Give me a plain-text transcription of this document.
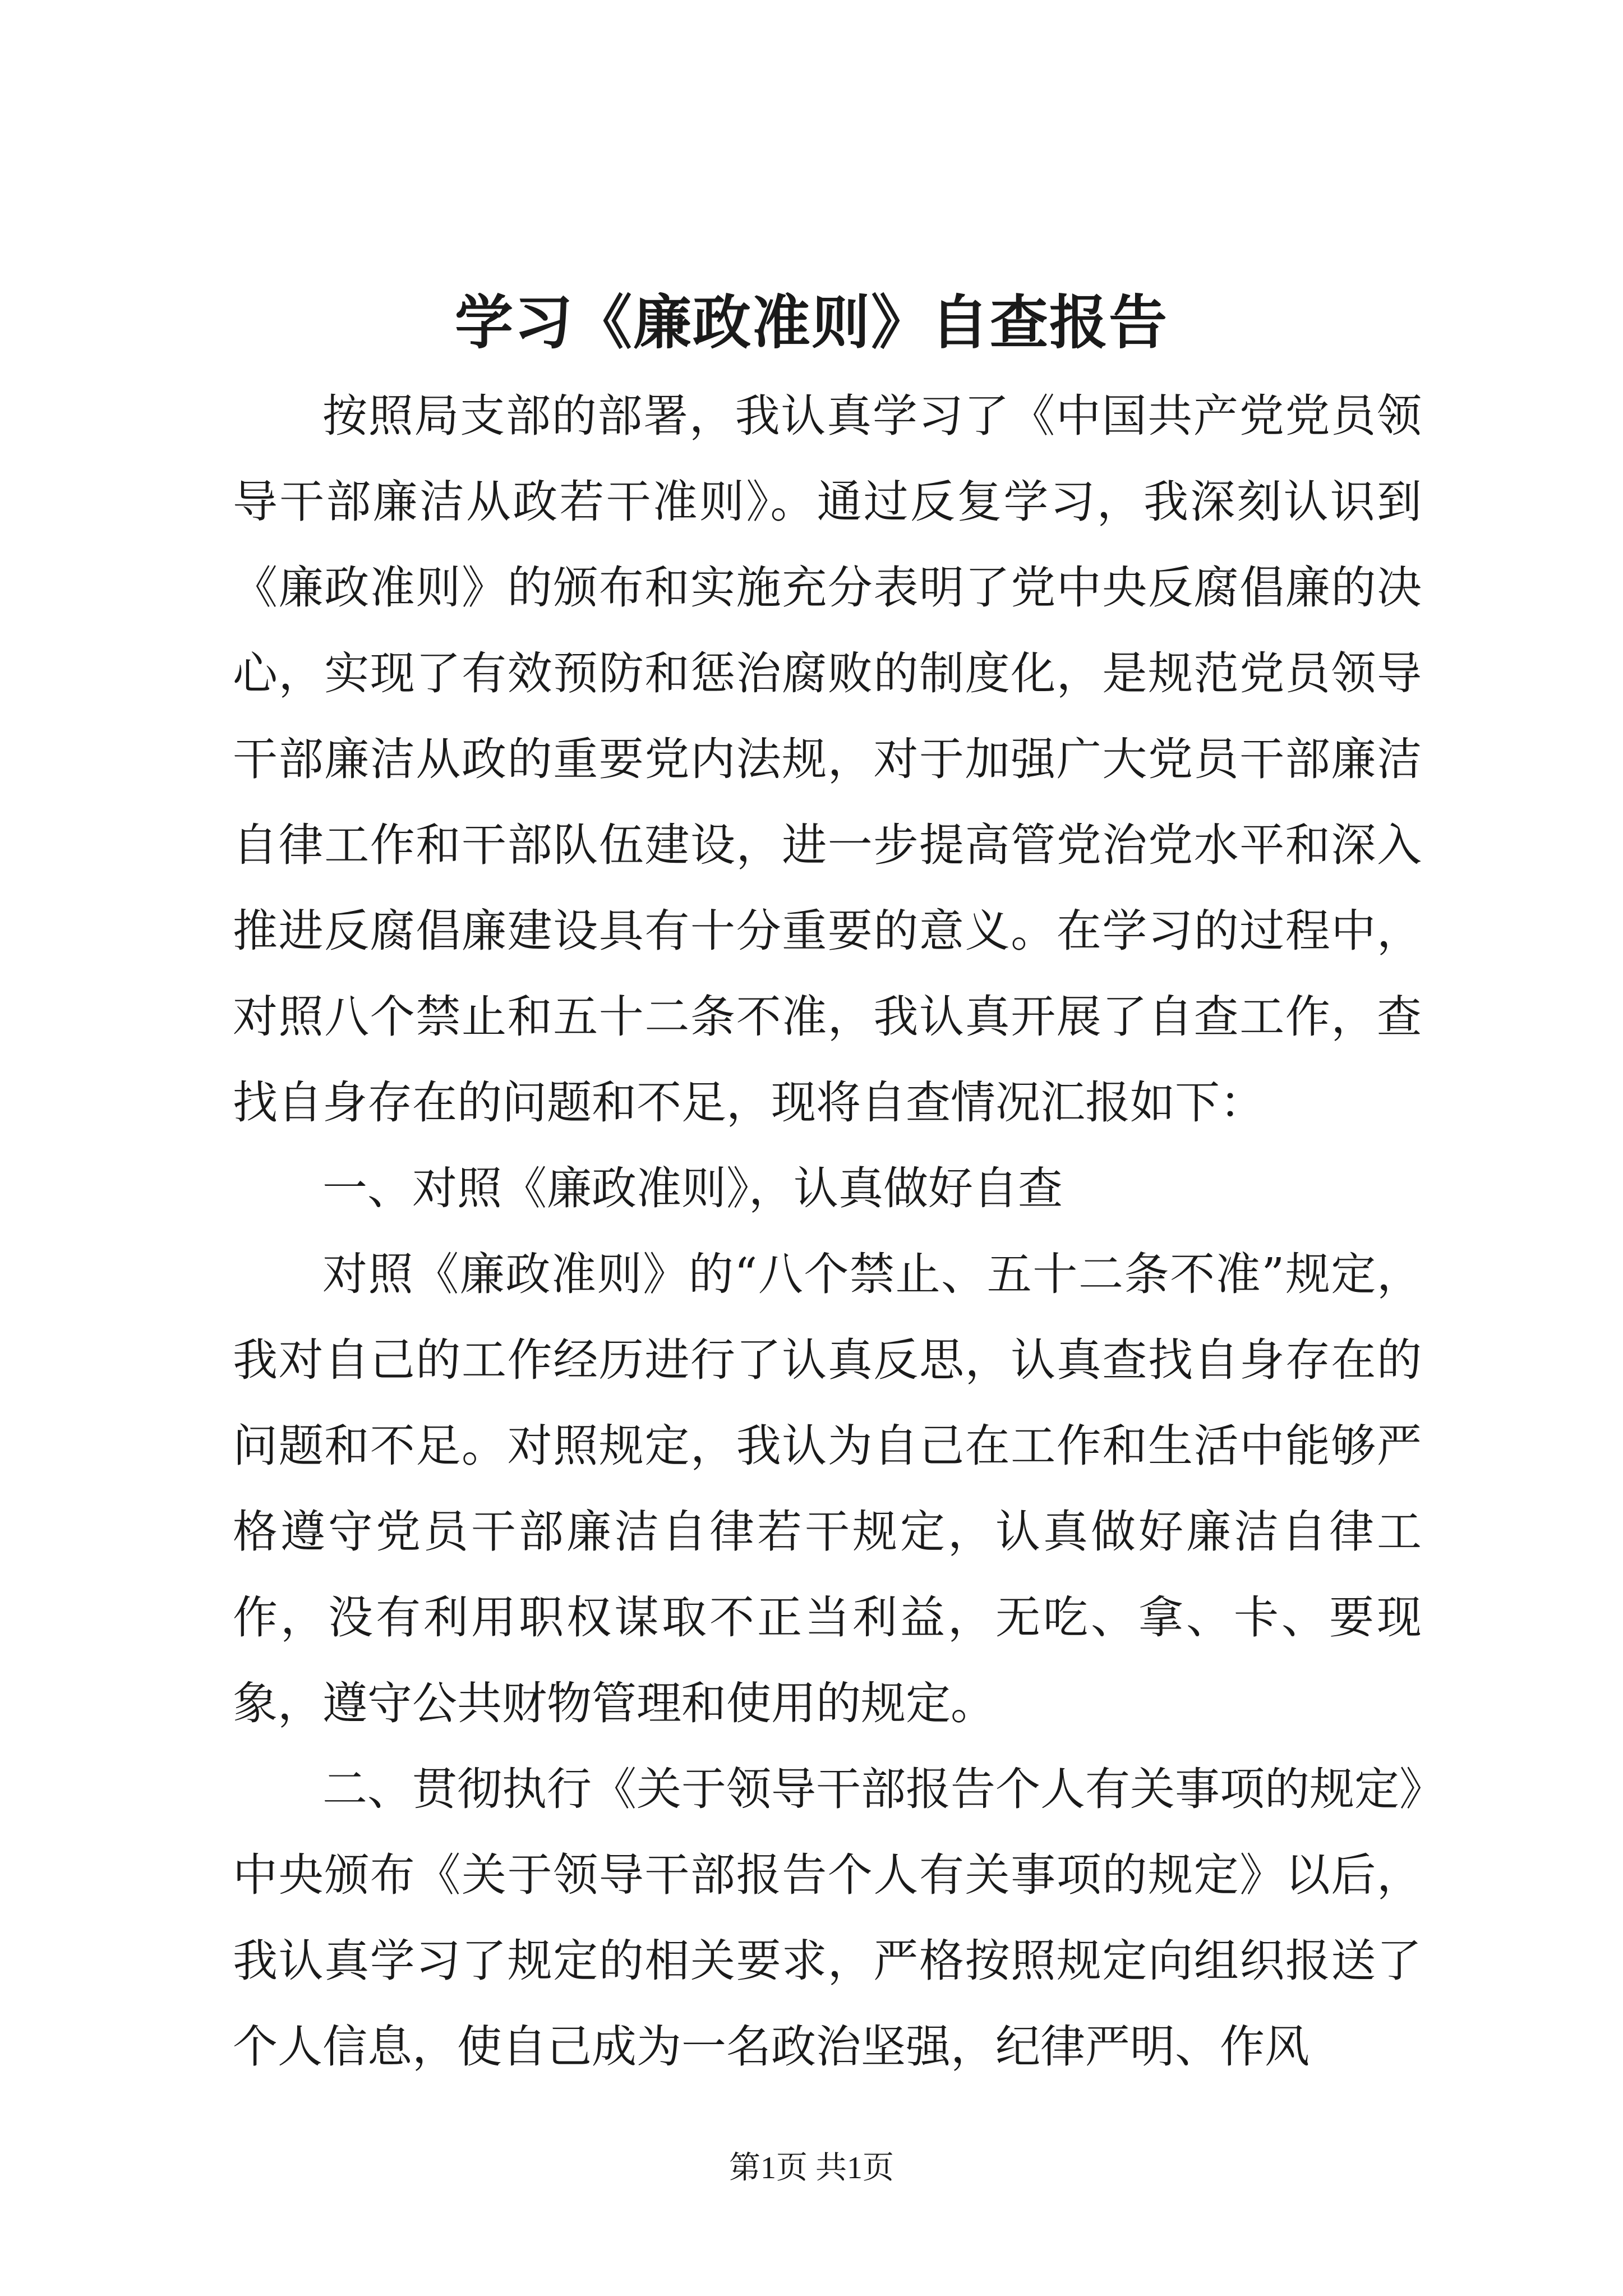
学习《廉政准则》自查报告

按照局支部的部署，我认真学习了《中国共产党党员领导干部廉洁从政若干准则》。通过反复学习，我深刻认识到《廉政准则》的颁布和实施充分表明了党中央反腐倡廉的决心，实现了有效预防和惩治腐败的制度化，是规范党员领导干部廉洁从政的重要党内法规，对于加强广大党员干部廉洁自律工作和干部队伍建设，进一步提高管党治党水平和深入推进反腐倡廉建设具有十分重要的意义。在学习的过程中，对照八个禁止和五十二条不准，我认真开展了自查工作，查找自身存在的问题和不足，现将自查情况汇报如下：

一、对照《廉政准则》，认真做好自查

对照《廉政准则》的“八个禁止、五十二条不准”规定，我对自己的工作经历进行了认真反思，认真查找自身存在的问题和不足。对照规定，我认为自己在工作和生活中能够严格遵守党员干部廉洁自律若干规定，认真做好廉洁自律工作，没有利用职权谋取不正当利益，无吃、拿、卡、要现象，遵守公共财物管理和使用的规定。

二、贯彻执行《关于领导干部报告个人有关事项的规定》中央颁布《关于领导干部报告个人有关事项的规定》以后，我认真学习了规定的相关要求，严格按照规定向组织报送了个人信息，使自己成为一名政治坚强，纪律严明、作风

第1页 共1页
